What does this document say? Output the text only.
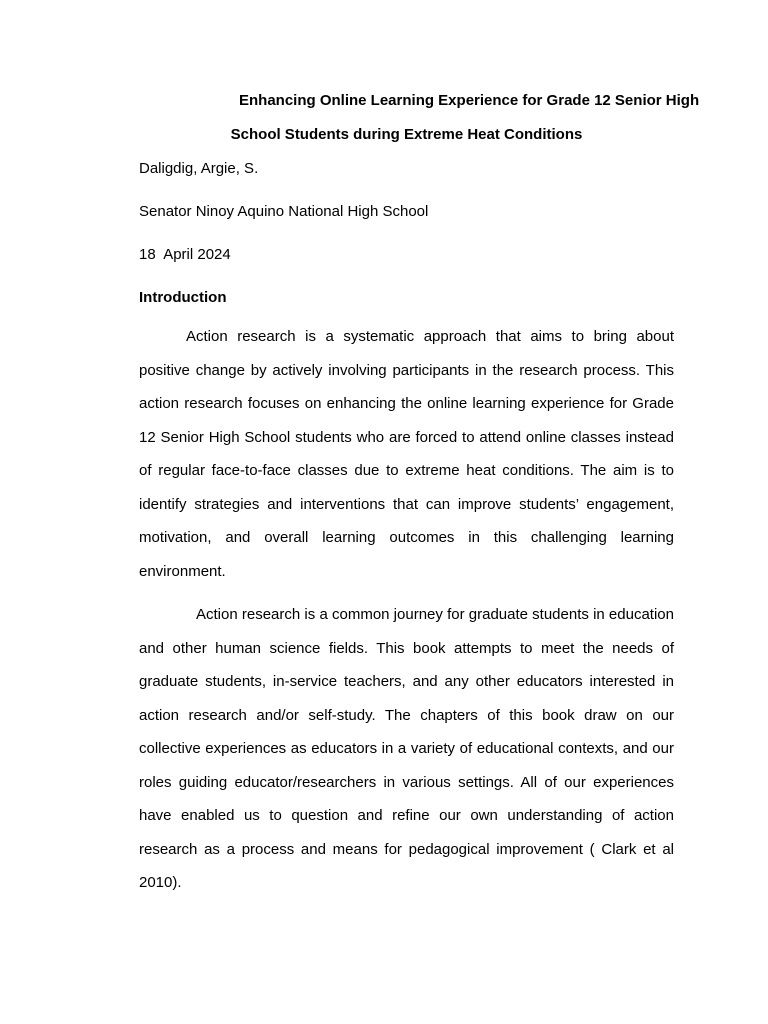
Enhancing Online Learning Experience for Grade 12 Senior High
School Students during Extreme Heat Conditions

Daligdig, Argie, S.

Senator Ninoy Aquino National High School

18  April 2024

Introduction

Action research is a systematic approach that aims to bring about positive change by actively involving participants in the research process. This action research focuses on enhancing the online learning experience for Grade 12 Senior High School students who are forced to attend online classes instead of regular face-to-face classes due to extreme heat conditions. The aim is to identify strategies and interventions that can improve students’ engagement, motivation, and overall learning outcomes in this challenging learning environment.

Action research is a common journey for graduate students in education and other human science fields. This book attempts to meet the needs of graduate students, in-service teachers, and any other educators interested in action research and/or self-study. The chapters of this book draw on our collective experiences as educators in a variety of educational contexts, and our roles guiding educator/researchers in various settings. All of our experiences have enabled us to question and refine our own understanding of action research as a process and means for pedagogical improvement ( Clark et al 2010).
